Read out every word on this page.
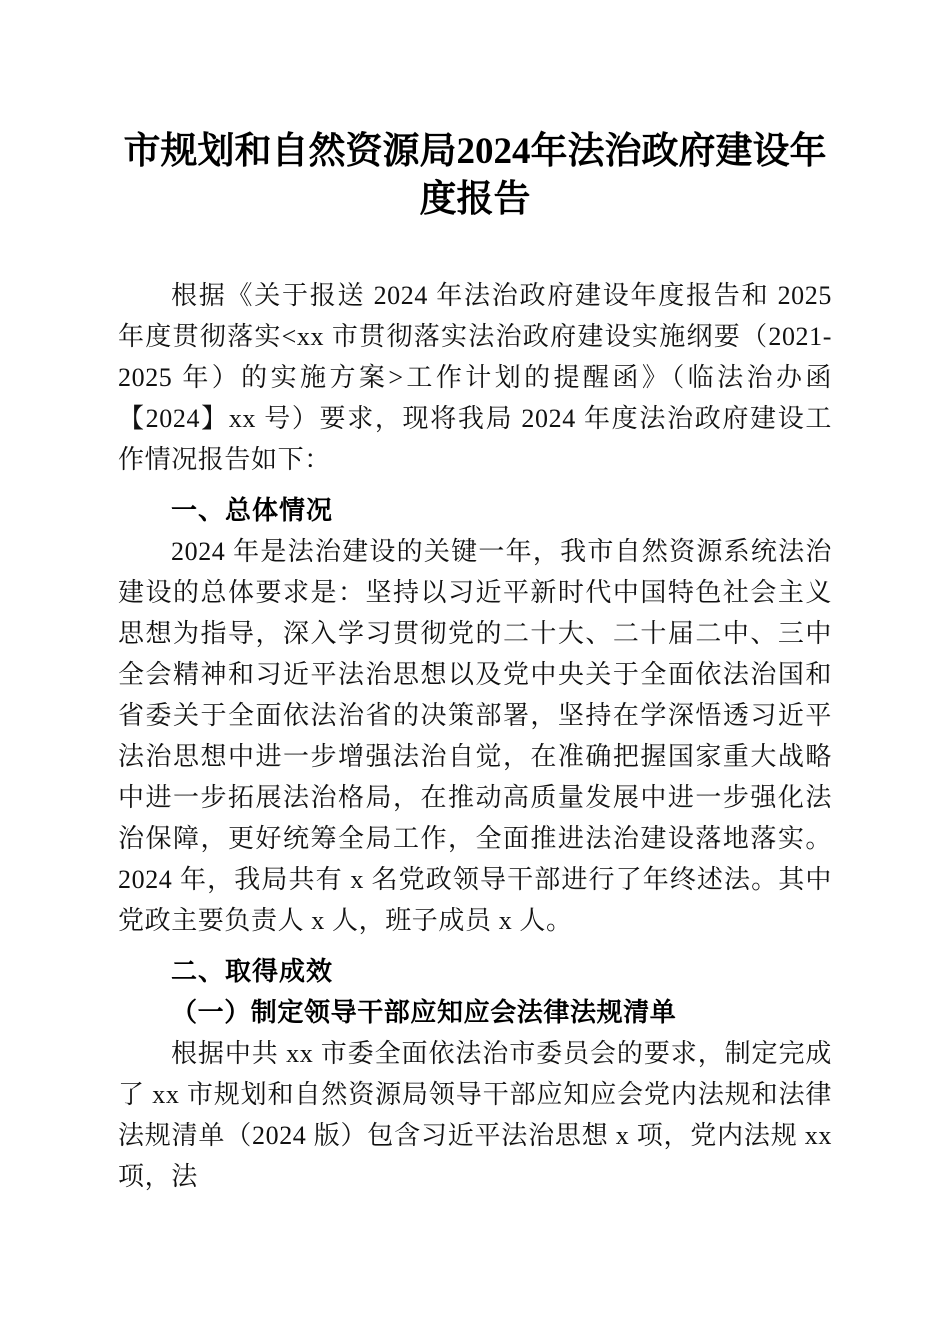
市规划和自然资源局2024年法治政府建设年度报告

根据《关于报送 2024 年法治政府建设年度报告和 2025 年度贯彻落实<xx 市贯彻落实法治政府建设实施纲要（2021-2025 年）的实施方案>工作计划的提醒函》（临法治办函【2024】xx 号）要求，现将我局 2024 年度法治政府建设工作情况报告如下：

一、总体情况

2024 年是法治建设的关键一年，我市自然资源系统法治建设的总体要求是：坚持以习近平新时代中国特色社会主义思想为指导，深入学习贯彻党的二十大、二十届二中、三中全会精神和习近平法治思想以及党中央关于全面依法治国和省委关于全面依法治省的决策部署，坚持在学深悟透习近平法治思想中进一步增强法治自觉，在准确把握国家重大战略中进一步拓展法治格局，在推动高质量发展中进一步强化法治保障，更好统筹全局工作，全面推进法治建设落地落实。2024 年，我局共有 x 名党政领导干部进行了年终述法。其中党政主要负责人 x 人，班子成员 x 人。

二、取得成效
（一）制定领导干部应知应会法律法规清单

根据中共 xx 市委全面依法治市委员会的要求，制定完成了 xx 市规划和自然资源局领导干部应知应会党内法规和法律法规清单（2024 版）包含习近平法治思想 x 项，党内法规 xx 项，法
